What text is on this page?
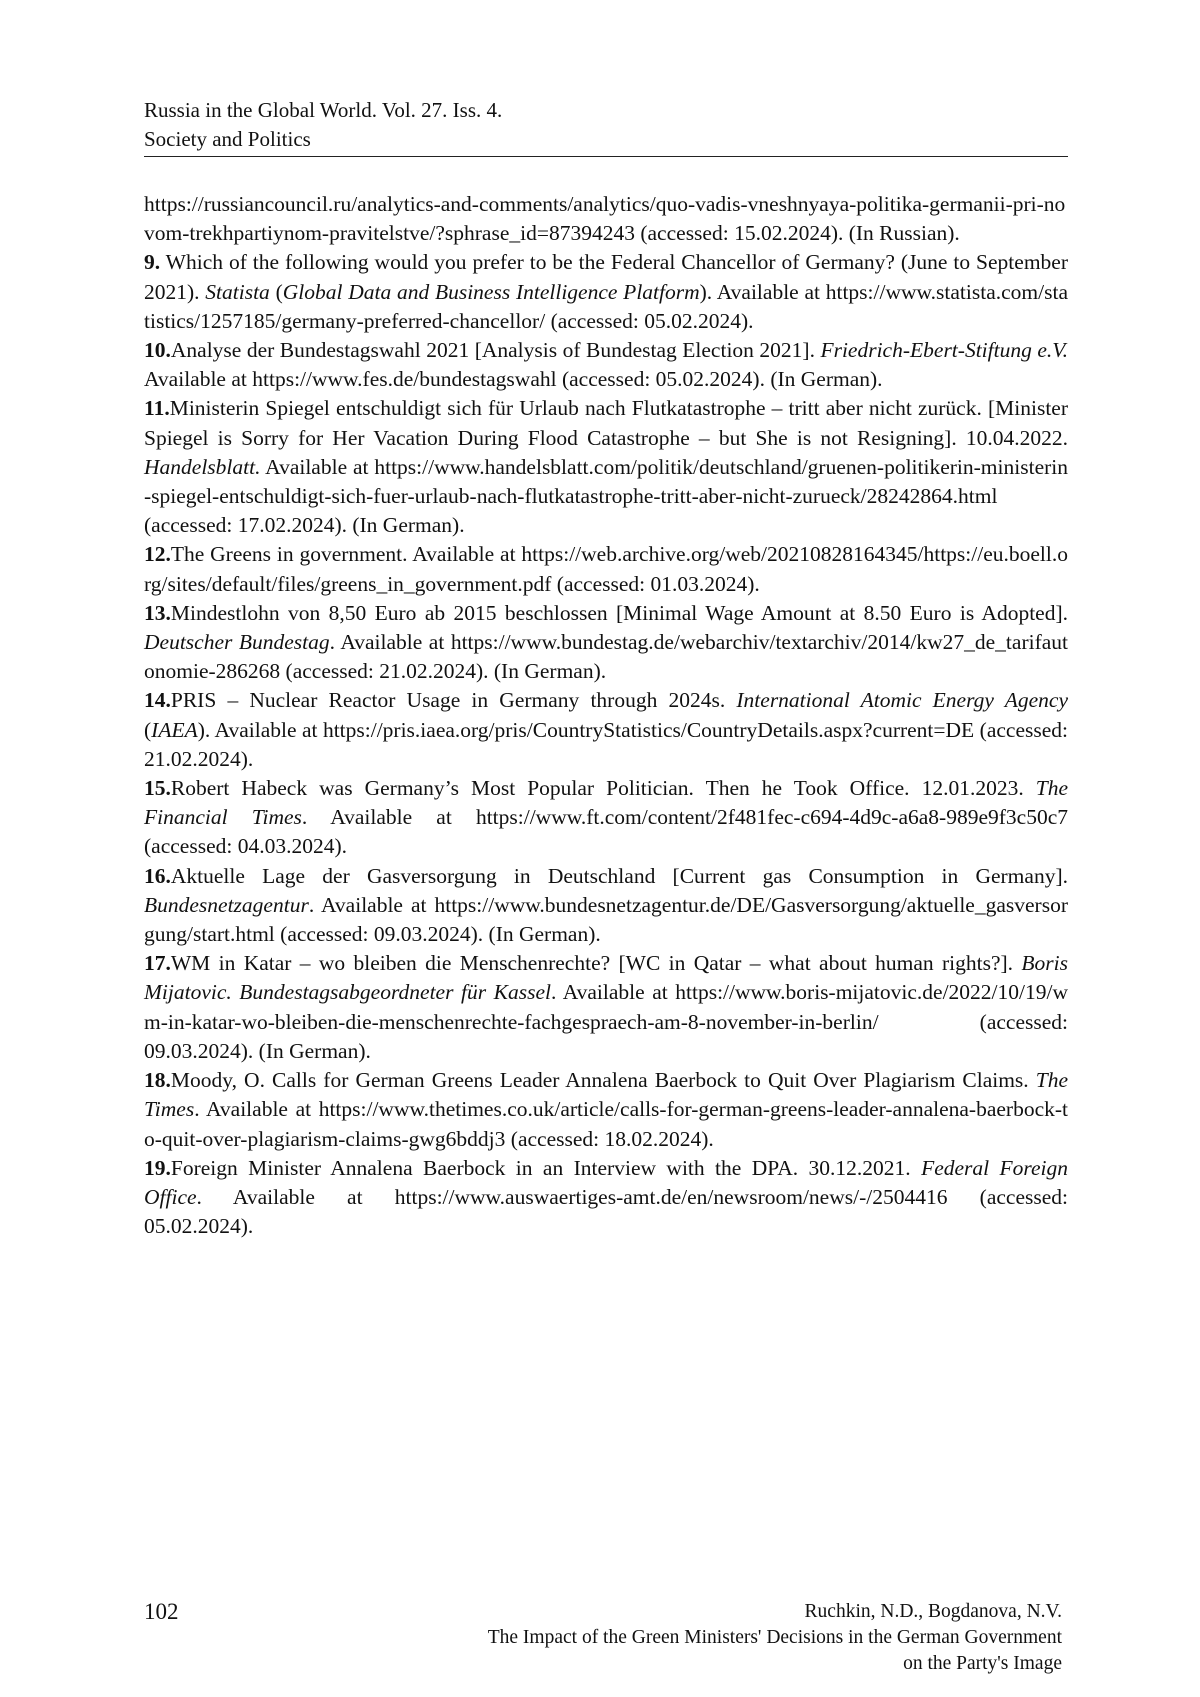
Russia in the Global World. Vol. 27. Iss. 4.
Society and Politics

https://russiancouncil.ru/analytics-and-comments/analytics/quo-vadis-vneshnyaya-politika-germanii-pri-novom-trekhpartiynom-pravitelstve/?sphrase_id=87394243 (accessed: 15.02.2024). (In Russian).

9. Which of the following would you prefer to be the Federal Chancellor of Germany? (June to September 2021). Statista (Global Data and Business Intelligence Platform). Available at https://www.statista.com/statistics/1257185/germany-preferred-chancellor/ (accessed: 05.02.2024).

10.Analyse der Bundestagswahl 2021 [Analysis of Bundestag Election 2021]. Friedrich-Ebert-Stiftung e.V. Available at https://www.fes.de/bundestagswahl (accessed: 05.02.2024). (In German).

11.Ministerin Spiegel entschuldigt sich für Urlaub nach Flutkatastrophe – tritt aber nicht zurück. [Minister Spiegel is Sorry for Her Vacation During Flood Catastrophe – but She is not Resigning]. 10.04.2022. Handelsblatt. Available at https://www.handelsblatt.com/politik/deutschland/gruenen-politikerin-ministerin-spiegel-entschuldigt-sich-fuer-urlaub-nach-flutkatastrophe-tritt-aber-nicht-zurueck/28242864.html (accessed: 17.02.2024). (In German).

12.The Greens in government. Available at https://web.archive.org/web/20210828164345/https://eu.boell.org/sites/default/files/greens_in_government.pdf (accessed: 01.03.2024).

13.Mindestlohn von 8,50 Euro ab 2015 beschlossen [Minimal Wage Amount at 8.50 Euro is Adopted]. Deutscher Bundestag. Available at https://www.bundestag.de/webarchiv/textarchiv/2014/kw27_de_tarifautonomie-286268 (accessed: 21.02.2024). (In German).

14.PRIS – Nuclear Reactor Usage in Germany through 2024s. International Atomic Energy Agency (IAEA). Available at https://pris.iaea.org/pris/CountryStatistics/CountryDetails.aspx?current=DE (accessed: 21.02.2024).

15.Robert Habeck was Germany’s Most Popular Politician. Then he Took Office. 12.01.2023. The Financial Times. Available at https://www.ft.com/content/2f481fec-c694-4d9c-a6a8-989e9f3c50c7 (accessed: 04.03.2024).

16.Aktuelle Lage der Gasversorgung in Deutschland [Current gas Consumption in Germany]. Bundesnetzagentur. Available at https://www.bundesnetzagentur.de/DE/Gasversorgung/aktuelle_gasversorgung/start.html (accessed: 09.03.2024). (In German).

17.WM in Katar – wo bleiben die Menschenrechte? [WC in Qatar – what about human rights?]. Boris Mijatovic. Bundestagsabgeordneter für Kassel. Available at https://www.boris-mijatovic.de/2022/10/19/wm-in-katar-wo-bleiben-die-menschenrechte-fachgespraech-am-8-november-in-berlin/ (accessed: 09.03.2024). (In German).

18.Moody, O. Calls for German Greens Leader Annalena Baerbock to Quit Over Plagiarism Claims. The Times. Available at https://www.thetimes.co.uk/article/calls-for-german-greens-leader-annalena-baerbock-to-quit-over-plagiarism-claims-gwg6bddj3 (accessed: 18.02.2024).

19.Foreign Minister Annalena Baerbock in an Interview with the DPA. 30.12.2021. Federal Foreign Office. Available at https://www.auswaertiges-amt.de/en/newsroom/news/-/2504416 (accessed: 05.02.2024).

102	Ruchkin, N.D., Bogdanova, N.V.
The Impact of the Green Ministers' Decisions in the German Government
on the Party's Image
